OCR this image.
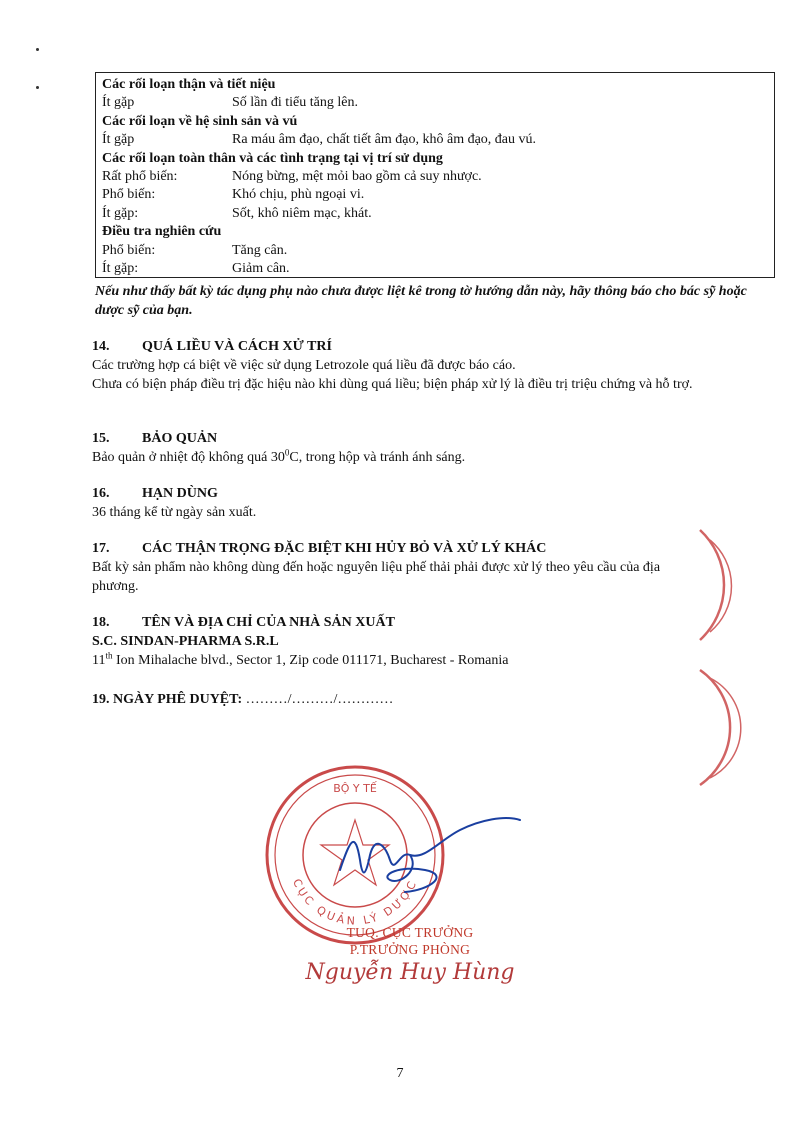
Các rối loạn thận và tiết niệu
Ít gặp	Số lần đi tiểu tăng lên.
Các rối loạn về hệ sinh sản và vú
Ít gặp	Ra máu âm đạo, chất tiết âm đạo, khô âm đạo, đau vú.
Các rối loạn toàn thân và các tình trạng tại vị trí sử dụng
Rất phổ biến:	Nóng bừng, mệt mỏi bao gồm cả suy nhược.
Phổ biến:	Khó chịu, phù ngoại vi.
Ít gặp:	Sốt, khô niêm mạc, khát.
Điều tra nghiên cứu
Phổ biến:	Tăng cân.
Ít gặp:	Giảm cân.
Nếu như thấy bất kỳ tác dụng phụ nào chưa được liệt kê trong tờ hướng dẫn này, hãy thông báo cho bác sỹ hoặc dược sỹ của bạn.
14. QUÁ LIỀU VÀ CÁCH XỬ TRÍ

Các trường hợp cá biệt về việc sử dụng Letrozole quá liều đã được báo cáo.

Chưa có biện pháp điều trị đặc hiệu nào khi dùng quá liều; biện pháp xử lý là điều trị triệu chứng và hỗ trợ.

15. BẢO QUẢN

Bảo quản ở nhiệt độ không quá $30^0C$, trong hộp và tránh ánh sáng.

16. HẠN DÙNG

36 tháng kể từ ngày sản xuất.

17. CÁC THẬN TRỌNG ĐẶC BIỆT KHI HỦY BỎ VÀ XỬ LÝ KHÁC

Bất kỳ sản phẩm nào không dùng đến hoặc nguyên liệu phế thải phải được xử lý theo yêu cầu của địa phương.

18. TÊN VÀ ĐỊA CHỈ CỦA NHÀ SẢN XUẤT
S.C. SINDAN-PHARMA S.R.L
11th Ion Mihalache blvd., Sector 1, Zip code 011171, Bucharest - Romania
19. NGÀY PHÊ DUYỆT: ………/………/…………
BỘ Y TẾ
CỤC QUẢN LÝ DƯỢC
TUQ. CỤC TRƯỞNG
P.TRƯỞNG PHÒNG
Nguyễn Huy Hùng
7
